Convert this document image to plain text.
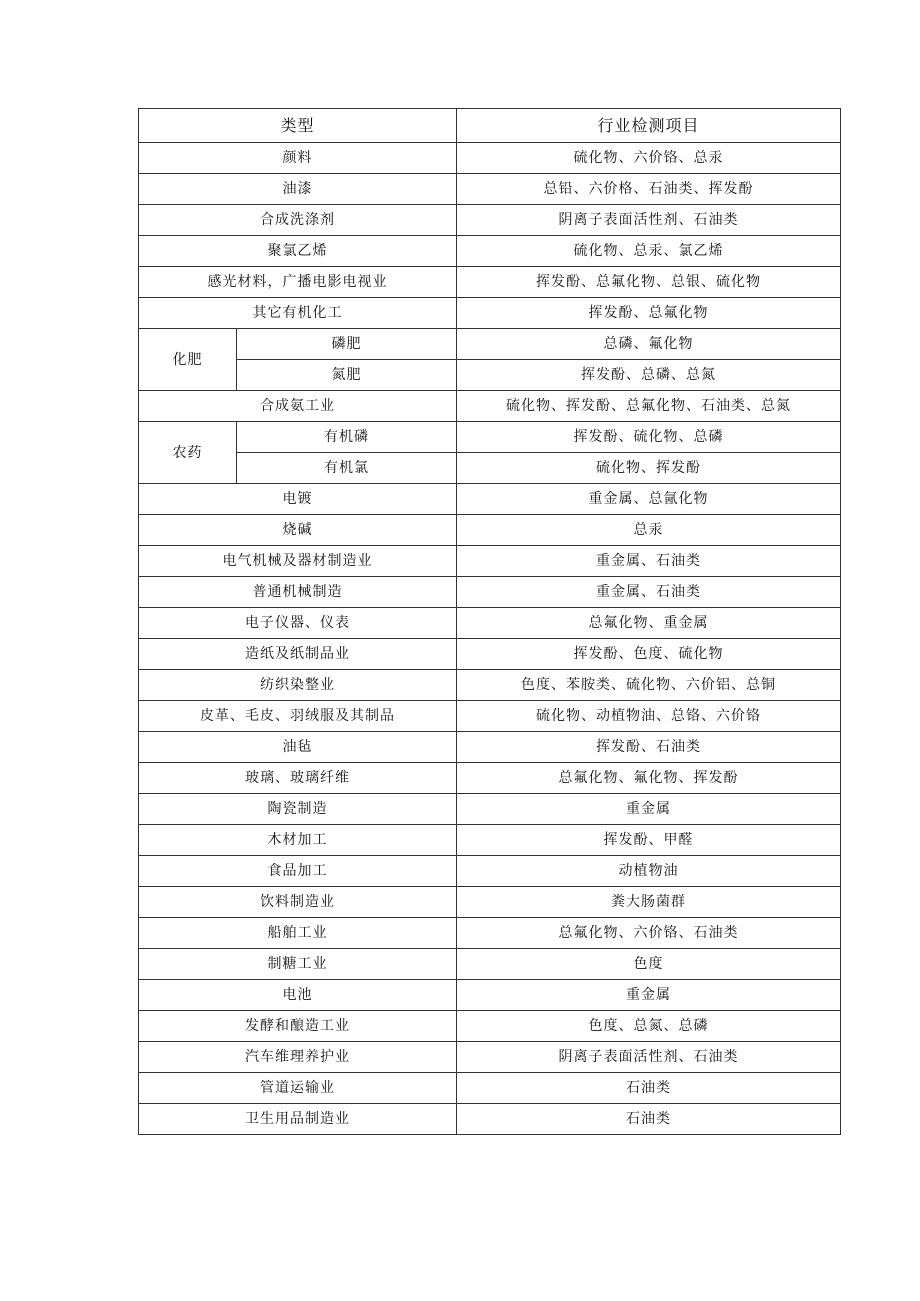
类型		行业检测项目
颜料		硫化物、六价铬、总汞
油漆		总铅、六价格、石油类、挥发酚
合成洗涤剂		阴离子表面活性剂、石油类
聚氯乙烯		硫化物、总汞、氯乙烯
感光材料，广播电影电视业		挥发酚、总氟化物、总银、硫化物
其它有机化工		挥发酚、总氟化物
化肥	磷肥	总磷、氟化物
	氮肥	挥发酚、总磷、总氮
合成氨工业		硫化物、挥发酚、总氟化物、石油类、总氮
农药	有机磷	挥发酚、硫化物、总磷
	有机氯	硫化物、挥发酚
电镀		重金属、总氤化物
烧碱		总汞
电气机械及器材制造业		重金属、石油类
普通机械制造		重金属、石油类
电子仪器、仪表		总氟化物、重金属
造纸及纸制品业		挥发酚、色度、硫化物
纺织染整业		色度、苯胺类、硫化物、六价铝、总铜
皮革、毛皮、羽绒服及其制品		硫化物、动植物油、总铬、六价铬
油毡		挥发酚、石油类
玻璃、玻璃纤维		总氟化物、氟化物、挥发酚
陶瓷制造		重金属
木材加工		挥发酚、甲醛
食品加工		动植物油
饮料制造业		粪大肠菌群
船舶工业		总氟化物、六价铬、石油类
制糖工业		色度
电池		重金属
发酵和酿造工业		色度、总氮、总磷
汽车维理养护业		阴离子表面活性剂、石油类
管道运输业		石油类
卫生用品制造业		石油类
